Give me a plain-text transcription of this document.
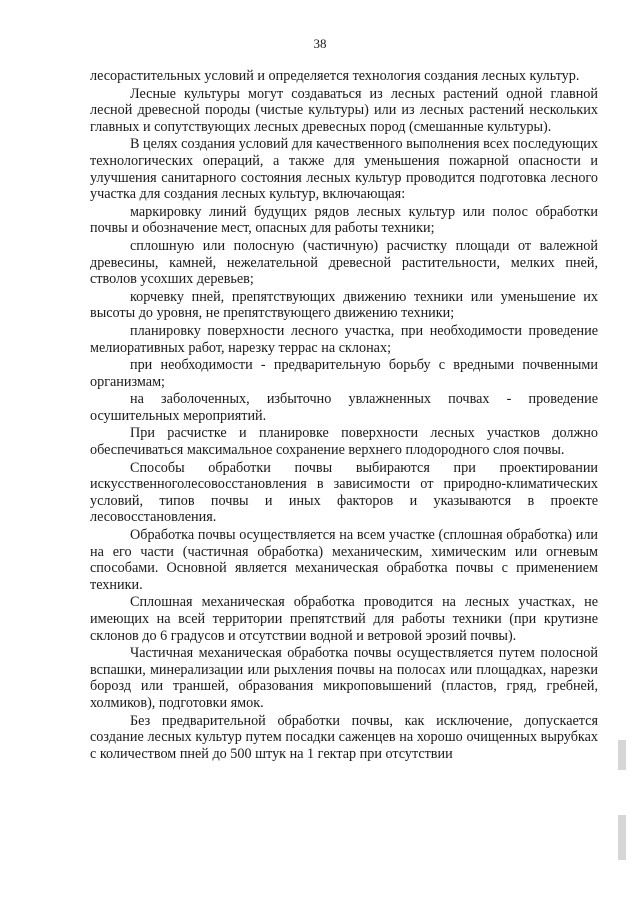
38

лесорастительных условий и определяется технология создания лесных культур.

Лесные культуры могут создаваться из лесных растений одной главной лесной древесной породы (чистые культуры) или из лесных растений нескольких главных и сопутствующих лесных древесных пород (смешанные культуры).

В целях создания условий для качественного выполнения всех последующих технологических операций, а также для уменьшения пожарной опасности и улучшения санитарного состояния лесных культур проводится подготовка лесного участка для создания лесных культур, включающая:

маркировку линий будущих рядов лесных культур или полос обработки почвы и обозначение мест, опасных для работы техники;

сплошную или полосную (частичную) расчистку площади от валежной древесины, камней, нежелательной древесной растительности, мелких пней, стволов усохших деревьев;

корчевку пней, препятствующих движению техники или уменьшение их высоты до уровня, не препятствующего движению техники;

планировку поверхности лесного участка, при необходимости проведение мелиоративных работ, нарезку террас на склонах;

при необходимости - предварительную борьбу с вредными почвенными организмам;

на заболоченных, избыточно увлажненных почвах - проведение осушительных мероприятий.

При расчистке и планировке поверхности лесных участков должно обеспечиваться максимальное сохранение верхнего плодородного слоя почвы.

Способы обработки почвы выбираются при проектировании искусственноголесовосстановления в зависимости от природно-климатических условий, типов почвы и иных факторов и указываются в проекте лесовосстановления.

Обработка почвы осуществляется на всем участке (сплошная обработка) или на его части (частичная обработка) механическим, химическим или огневым способами. Основной является механическая обработка почвы с применением техники.

Сплошная механическая обработка проводится на лесных участках, не имеющих на всей территории препятствий для работы техники (при крутизне склонов до 6 градусов и отсутствии водной и ветровой эрозий почвы).

Частичная механическая обработка почвы осуществляется путем полосной вспашки, минерализации или рыхления почвы на полосах или площадках, нарезки борозд или траншей, образования микроповышений (пластов, гряд, гребней, холмиков), подготовки ямок.

Без предварительной обработки почвы, как исключение, допускается создание лесных культур путем посадки саженцев на хорошо очищенных вырубках с количеством пней до 500 штук на 1 гектар при отсутствии
